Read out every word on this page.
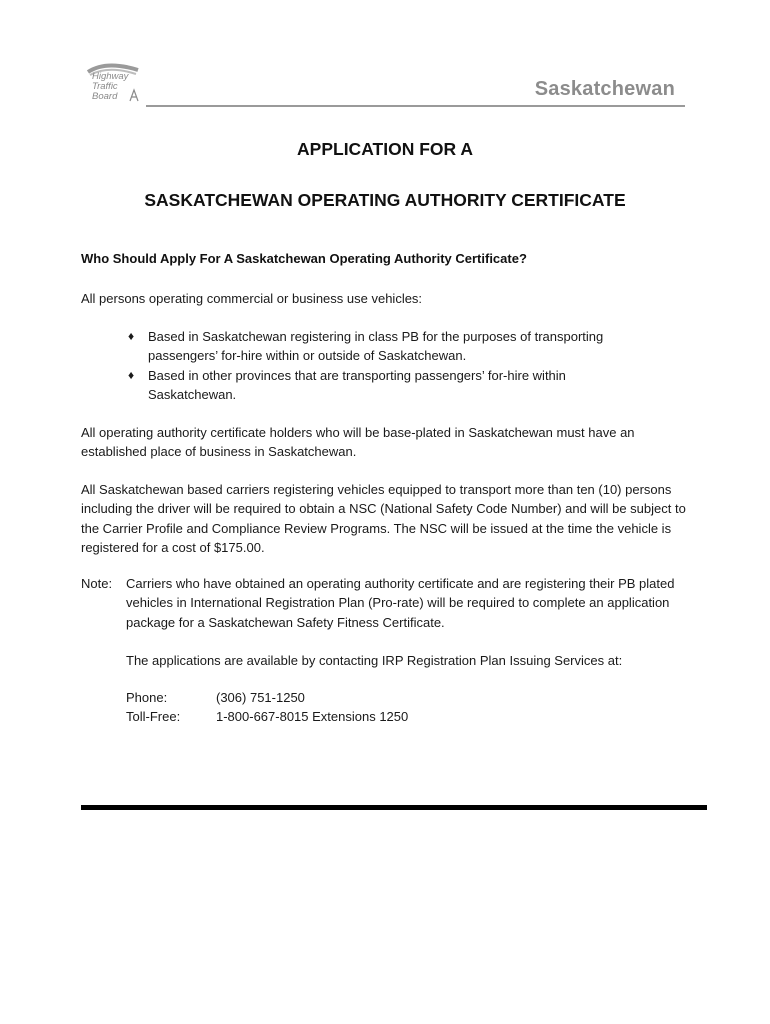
Highway
Traffic
Board	Saskatchewan
APPLICATION FOR A
SASKATCHEWAN OPERATING AUTHORITY CERTIFICATE
Who Should Apply For A Saskatchewan Operating Authority Certificate?
All persons operating commercial or business use vehicles:
♦ Based in Saskatchewan registering in class PB for the purposes of transporting passengers’ for-hire within or outside of Saskatchewan.
♦ Based in other provinces that are transporting passengers’ for-hire within Saskatchewan.
All operating authority certificate holders who will be base-plated in Saskatchewan must have an established place of business in Saskatchewan.
All Saskatchewan based carriers registering vehicles equipped to transport more than ten (10) persons including the driver will be required to obtain a NSC (National Safety Code Number) and will be subject to the Carrier Profile and Compliance Review Programs. The NSC will be issued at the time the vehicle is registered for a cost of $175.00.
Note: Carriers who have obtained an operating authority certificate and are registering their PB plated vehicles in International Registration Plan (Pro-rate) will be required to complete an application package for a Saskatchewan Safety Fitness Certificate.
The applications are available by contacting IRP Registration Plan Issuing Services at:
Phone:	(306) 751-1250
Toll-Free:	1-800-667-8015 Extensions 1250
